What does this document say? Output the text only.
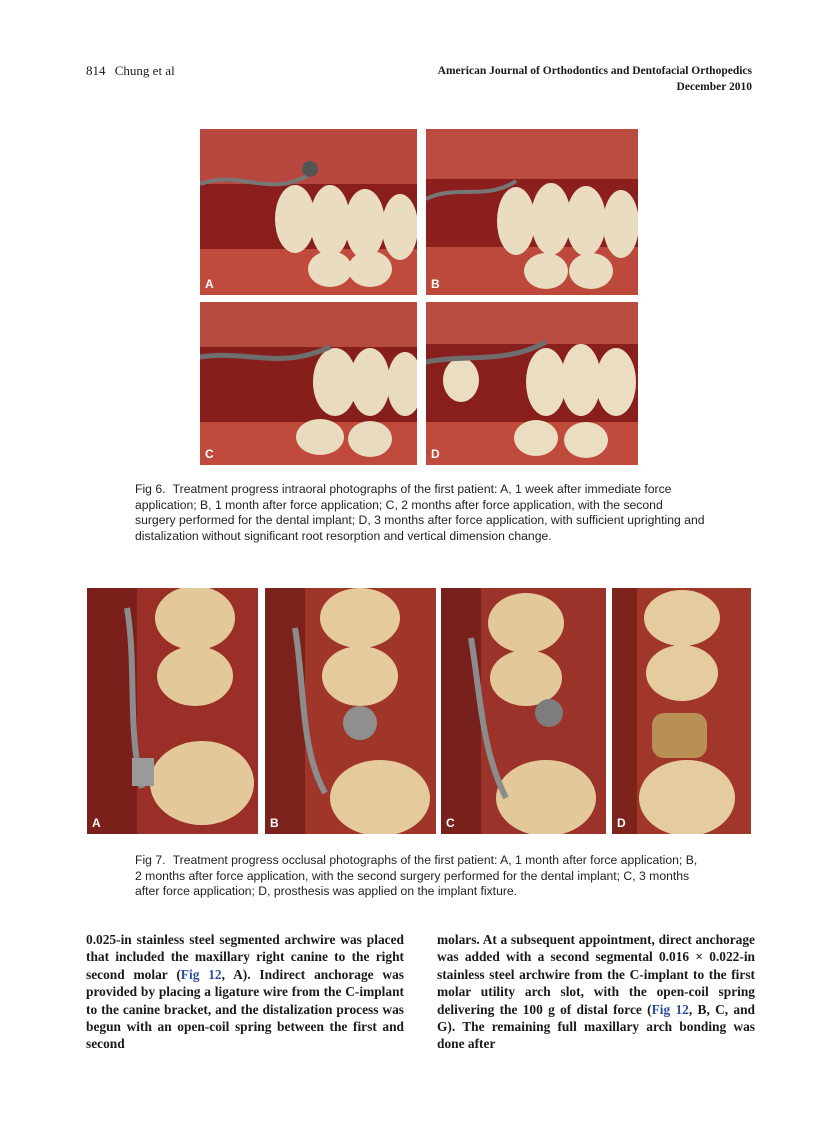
814 Chung et al	American Journal of Orthodontics and Dentofacial Orthopedics
December 2010
A	B
C	D
Fig 6. Treatment progress intraoral photographs of the first patient: A, 1 week after immediate force application; B, 1 month after force application; C, 2 months after force application, with the second surgery performed for the dental implant; D, 3 months after force application, with sufficient uprighting and distalization without significant root resorption and vertical dimension change.
A	B	C	D
Fig 7. Treatment progress occlusal photographs of the first patient: A, 1 month after force application; B, 2 months after force application, with the second surgery performed for the dental implant; C, 3 months after force application; D, prosthesis was applied on the implant fixture.
0.025-in stainless steel segmented archwire was placed that included the maxillary right canine to the right second molar (Fig 12, A). Indirect anchorage was provided by placing a ligature wire from the C-implant to the canine bracket, and the distalization process was begun with an open-coil spring between the first and second
molars. At a subsequent appointment, direct anchorage was added with a second segmental 0.016 × 0.022-in stainless steel archwire from the C-implant to the first molar utility arch slot, with the open-coil spring delivering the 100 g of distal force (Fig 12, B, C, and G). The remaining full maxillary arch bonding was done after
